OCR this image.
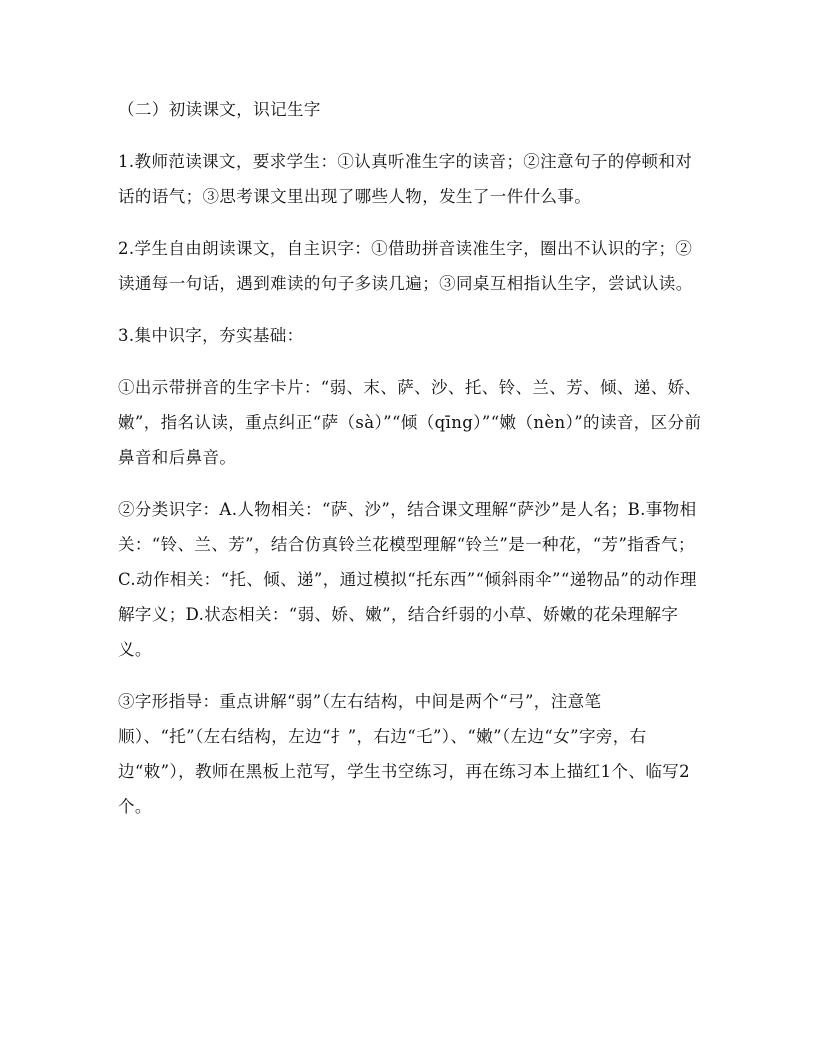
（二）初读课文，识记生字

1.教师范读课文，要求学生：①认真听准生字的读音；②注意句子的停顿和对话的语气；③思考课文里出现了哪些人物，发生了一件什么事。

2.学生自由朗读课文，自主识字：①借助拼音读准生字，圈出不认识的字；②读通每一句话，遇到难读的句子多读几遍；③同桌互相指认生字，尝试认读。

3.集中识字，夯实基础：

①出示带拼音的生字卡片：“弱、末、萨、沙、托、铃、兰、芳、倾、递、娇、嫩”，指名认读，重点纠正“萨（sà）”“倾（qīng）”“嫩（nèn）”的读音，区分前鼻音和后鼻音。

②分类识字：A.人物相关：“萨、沙”，结合课文理解“萨沙”是人名；B.事物相关：“铃、兰、芳”，结合仿真铃兰花模型理解“铃兰”是一种花，“芳”指香气；C.动作相关：“托、倾、递”，通过模拟“托东西”“倾斜雨伞”“递物品”的动作理解字义；D.状态相关：“弱、娇、嫩”，结合纤弱的小草、娇嫩的花朵理解字义。

③字形指导：重点讲解“弱”（左右结构，中间是两个“弓”，注意笔顺）、“托”（左右结构，左边“扌”，右边“乇”）、“嫩”（左边“女”字旁，右边“敕”），教师在黑板上范写，学生书空练习，再在练习本上描红1个、临写2个。
